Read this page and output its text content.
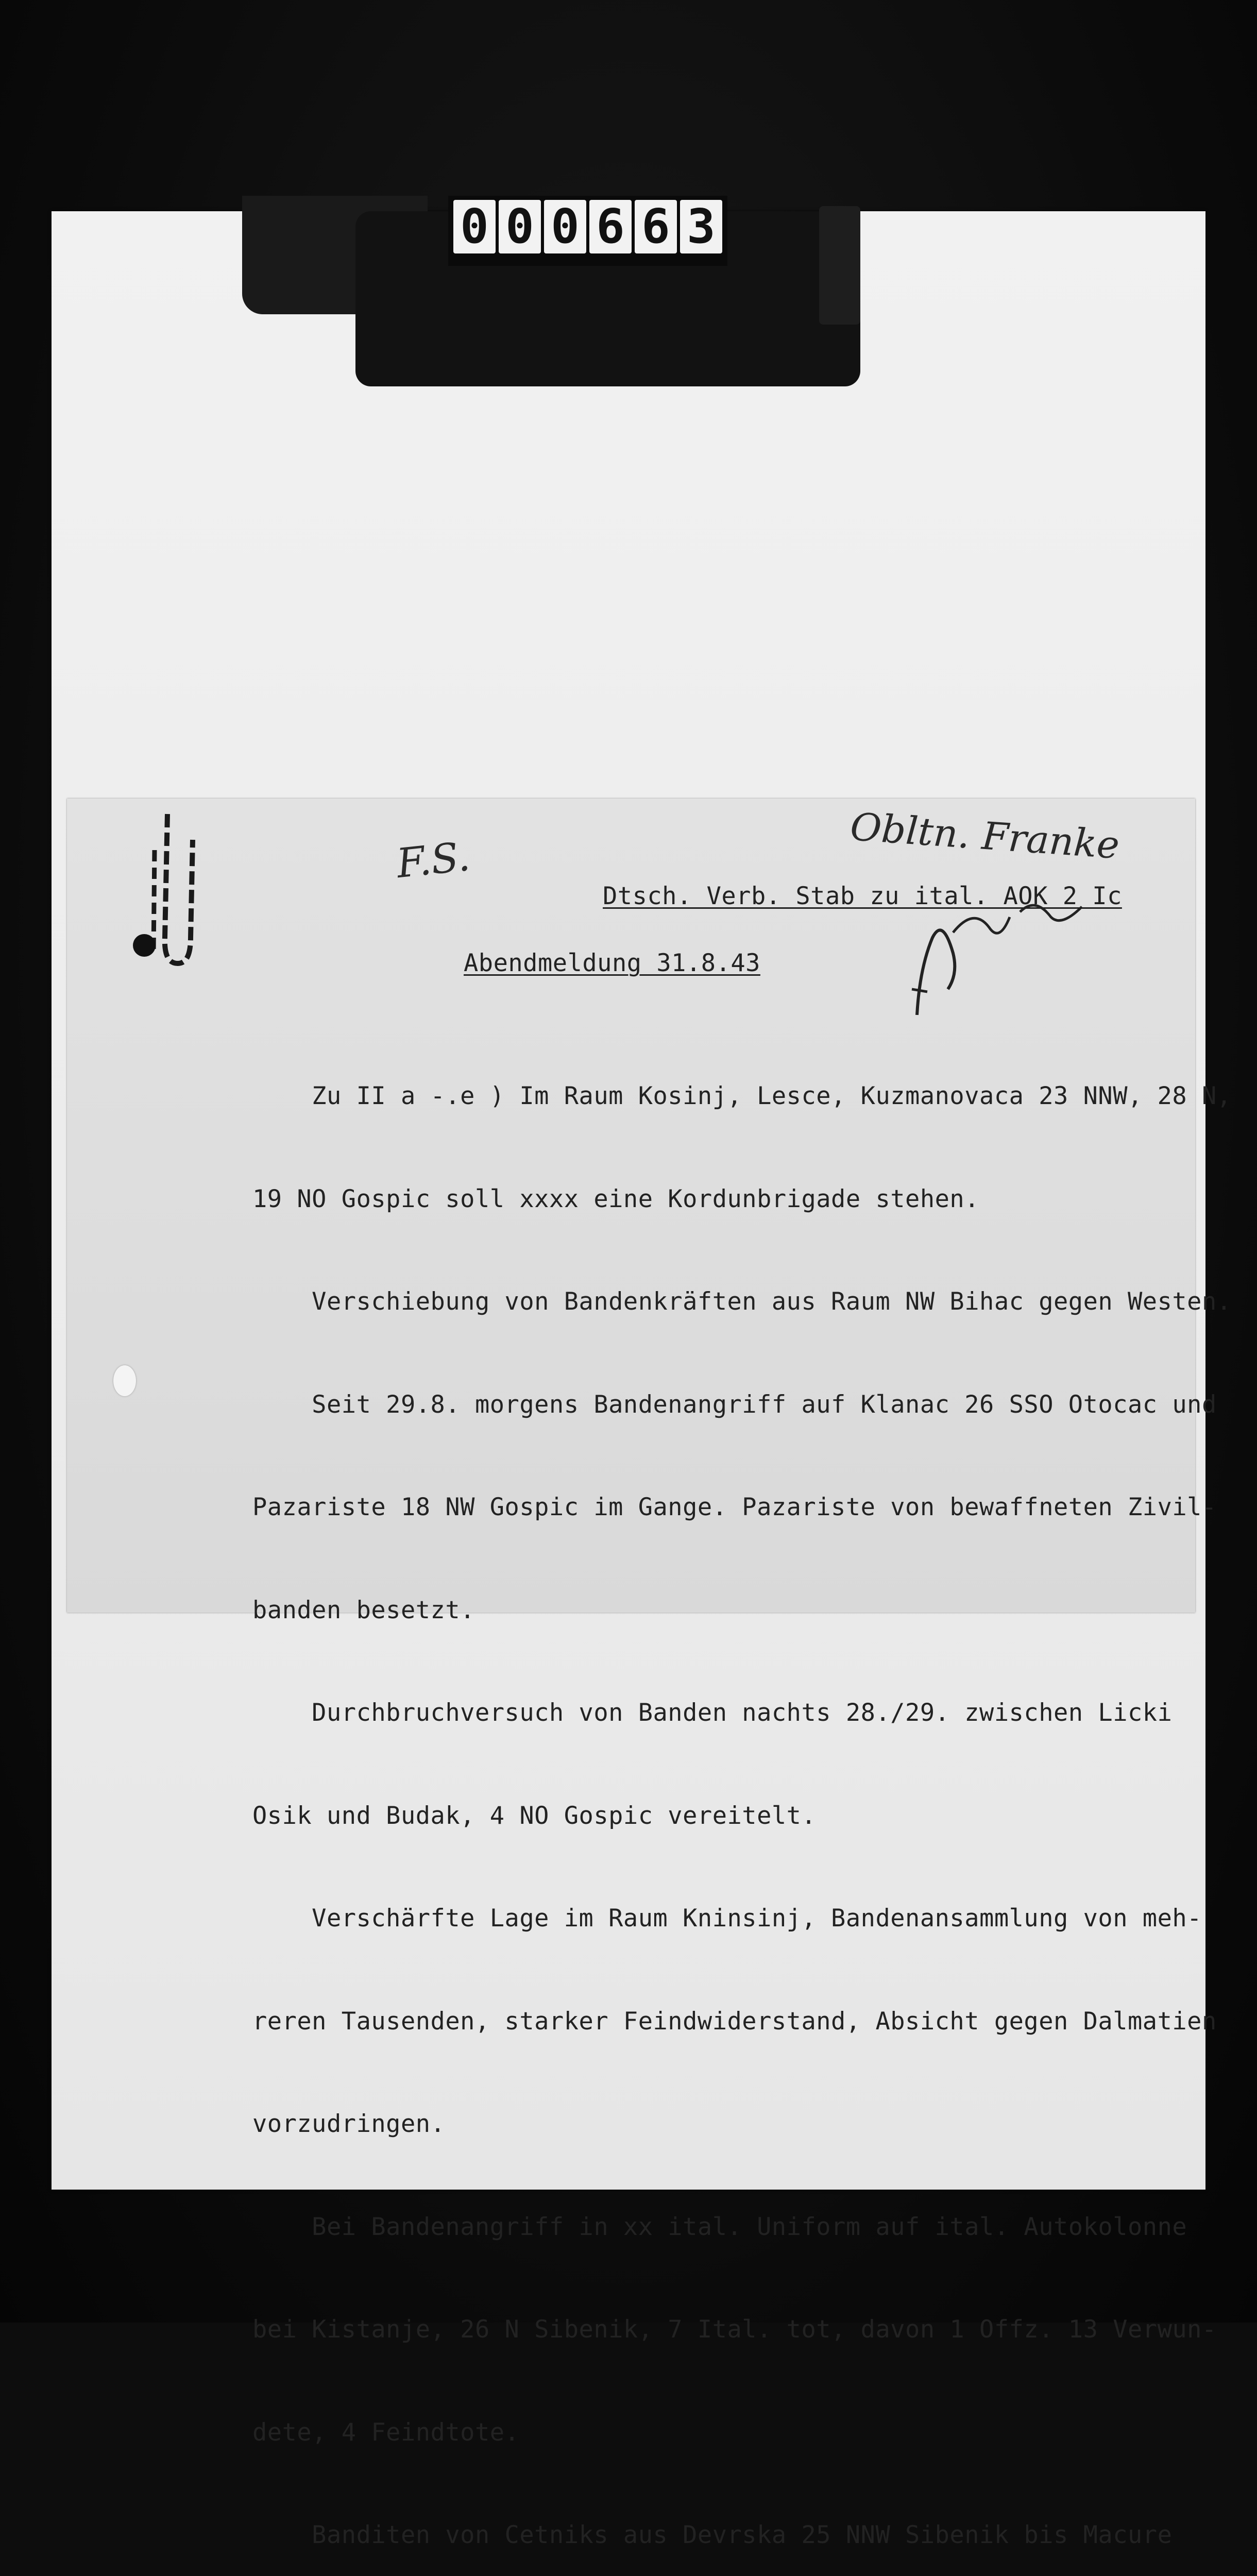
0 0 0 6 6 3
F.S.	Obltn. Franke
Dtsch. Verb. Stab zu ital. AOK 2 Ic
Abendmeldung 31.8.43

Zu II a -.e ) Im Raum Kosinj, Lesce, Kuzmanovaca 23 NNW, 28 N,

19 NO Gospic soll xxxx eine Kordunbrigade stehen.

Verschiebung von Bandenkräften aus Raum NW Bihac gegen Westen.

Seit 29.8. morgens Bandenangriff auf Klanac 26 SSO Otocac und

Pazariste 18 NW Gospic im Gange. Pazariste von bewaffneten Zivil-

banden besetzt.

Durchbruchversuch von Banden nachts 28./29. zwischen Licki

Osik und Budak, 4 NO Gospic vereitelt.

Verschärfte Lage im Raum Kninsinj, Bandenansammlung von meh-

reren Tausenden, starker Feindwiderstand, Absicht gegen Dalmatien

vorzudringen.

Bei Bandenangriff in xx ital. Uniform auf ital. Autokolonne

bei Kistanje, 26 N Sibenik, 7 Ital. tot, davon 1 Offz. 13 Verwun-

dete, 4 Feindtote.

Banditen von Cetniks aus Devrska 25 NNW Sibenik bis Macure
